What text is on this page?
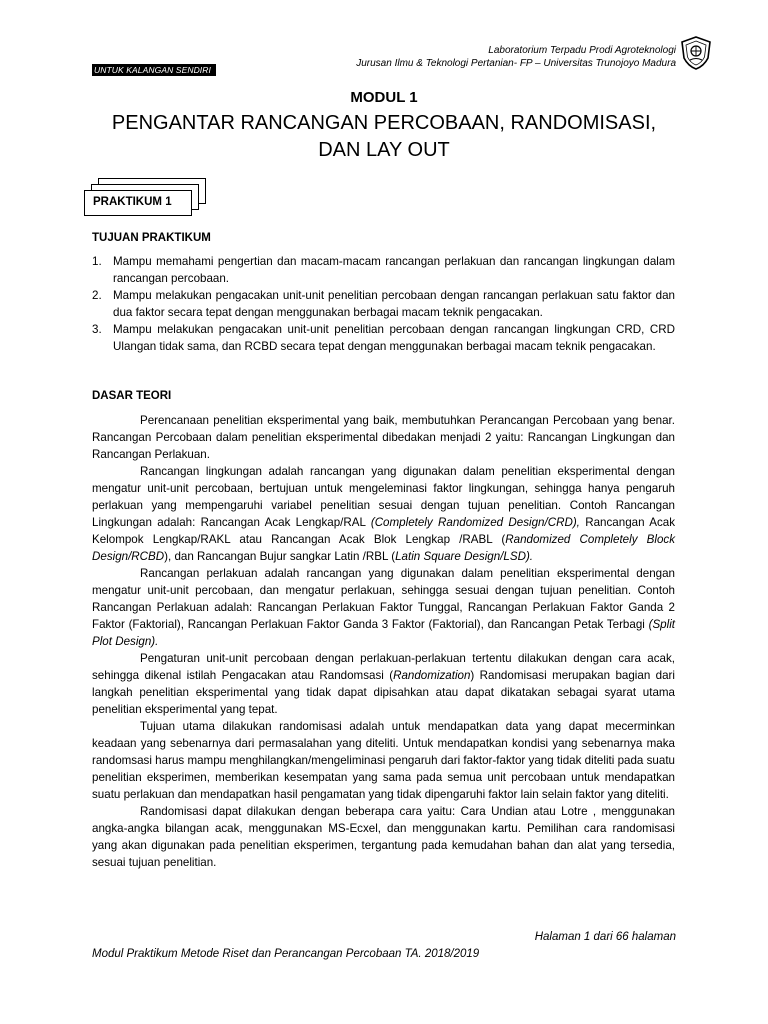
Laboratorium Terpadu Prodi Agroteknologi
Jurusan Ilmu & Teknologi Pertanian- FP – Universitas Trunojoyo Madura
UNTUK KALANGAN SENDIRI
MODUL 1
PENGANTAR RANCANGAN PERCOBAAN, RANDOMISASI,
DAN LAY OUT
PRAKTIKUM 1
TUJUAN PRAKTIKUM
1. Mampu memahami pengertian dan macam-macam rancangan perlakuan dan rancangan lingkungan dalam rancangan percobaan.
2. Mampu melakukan pengacakan unit-unit penelitian percobaan dengan rancangan perlakuan satu faktor dan dua faktor secara tepat dengan menggunakan berbagai macam teknik pengacakan.
3. Mampu melakukan pengacakan unit-unit penelitian percobaan dengan rancangan lingkungan CRD, CRD Ulangan tidak sama, dan RCBD secara tepat dengan menggunakan berbagai macam teknik pengacakan.
DASAR TEORI

Perencanaan penelitian eksperimental yang baik, membutuhkan Perancangan Percobaan yang benar. Rancangan Percobaan dalam penelitian eksperimental dibedakan menjadi 2 yaitu: Rancangan Lingkungan dan Rancangan Perlakuan.

Rancangan lingkungan adalah rancangan yang digunakan dalam penelitian eksperimental dengan mengatur unit-unit percobaan, bertujuan untuk mengeleminasi faktor lingkungan, sehingga hanya pengaruh perlakuan yang mempengaruhi variabel penelitian sesuai dengan tujuan penelitian. Contoh Rancangan Lingkungan adalah: Rancangan Acak Lengkap/RAL (Completely Randomized Design/CRD), Rancangan Acak Kelompok Lengkap/RAKL atau Rancangan Acak Blok Lengkap /RABL (Randomized Completely Block Design/RCBD), dan Rancangan Bujur sangkar Latin /RBL (Latin Square Design/LSD).

Rancangan perlakuan adalah rancangan yang digunakan dalam penelitian eksperimental dengan mengatur unit-unit percobaan, dan mengatur perlakuan, sehingga sesuai dengan tujuan penelitian. Contoh Rancangan Perlakuan adalah: Rancangan Perlakuan Faktor Tunggal, Rancangan Perlakuan Faktor Ganda 2 Faktor (Faktorial), Rancangan Perlakuan Faktor Ganda 3 Faktor (Faktorial), dan Rancangan Petak Terbagi (Split Plot Design).

Pengaturan unit-unit percobaan dengan perlakuan-perlakuan tertentu dilakukan dengan cara acak, sehingga dikenal istilah Pengacakan atau Randomsasi (Randomization) Randomisasi merupakan bagian dari langkah penelitian eksperimental yang tidak dapat dipisahkan atau dapat dikatakan sebagai syarat utama penelitian eksperimental yang tepat.

Tujuan utama dilakukan randomisasi adalah untuk mendapatkan data yang dapat mecerminkan keadaan yang sebenarnya dari permasalahan yang diteliti. Untuk mendapatkan kondisi yang sebenarnya maka randomsasi harus mampu menghilangkan/mengeliminasi pengaruh dari faktor-faktor yang tidak diteliti pada suatu penelitian eksperimen, memberikan kesempatan yang sama pada semua unit percobaan untuk mendapatkan suatu perlakuan dan mendapatkan hasil pengamatan yang tidak dipengaruhi faktor lain selain faktor yang diteliti.

Randomisasi dapat dilakukan dengan beberapa cara yaitu: Cara Undian atau Lotre , menggunakan angka-angka bilangan acak, menggunakan MS-Ecxel, dan menggunakan kartu. Pemilihan cara randomisasi yang akan digunakan pada penelitian eksperimen, tergantung pada kemudahan bahan dan alat yang tersedia, sesuai tujuan penelitian.

Halaman 1 dari 66 halaman
Modul Praktikum Metode Riset dan Perancangan Percobaan TA. 2018/2019
